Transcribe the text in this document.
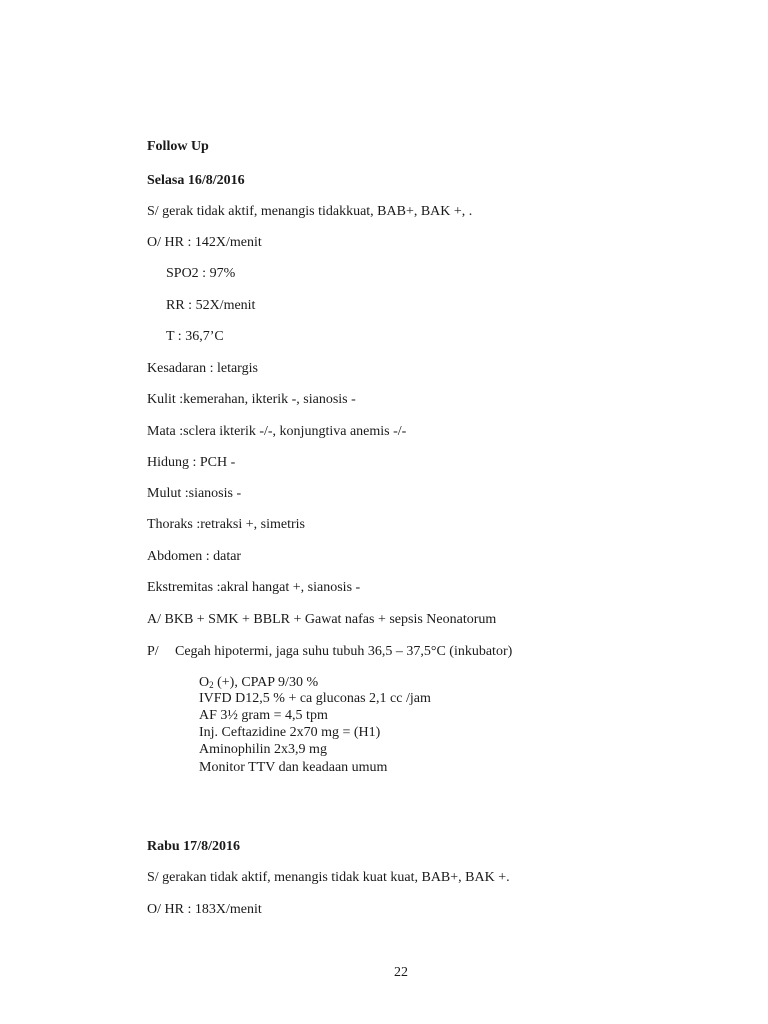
Follow Up
Selasa 16/8/2016
S/ gerak tidak aktif, menangis tidakkuat, BAB+, BAK +, .
O/ HR : 142X/menit
SPO2 : 97%
RR : 52X/menit
T : 36,7’C
Kesadaran : letargis
Kulit :kemerahan, ikterik -, sianosis -
Mata :sclera ikterik -/-, konjungtiva anemis -/-
Hidung : PCH -
Mulut :sianosis -
Thoraks :retraksi +, simetris
Abdomen : datar
Ekstremitas :akral hangat +, sianosis -
A/ BKB + SMK + BBLR + Gawat nafas + sepsis Neonatorum
P/ Cegah hipotermi, jaga suhu tubuh 36,5 – 37,5°C (inkubator)
$O_2$ (+), CPAP 9/30 %
IVFD D12,5 % + ca gluconas 2,1 cc /jam
AF 3½ gram = 4,5 tpm
Inj. Ceftazidine 2x70 mg = (H1)
Aminophilin 2x3,9 mg
Monitor TTV dan keadaan umum
Rabu 17/8/2016
S/ gerakan tidak aktif, menangis tidak kuat kuat, BAB+, BAK +.
O/ HR : 183X/menit
22
